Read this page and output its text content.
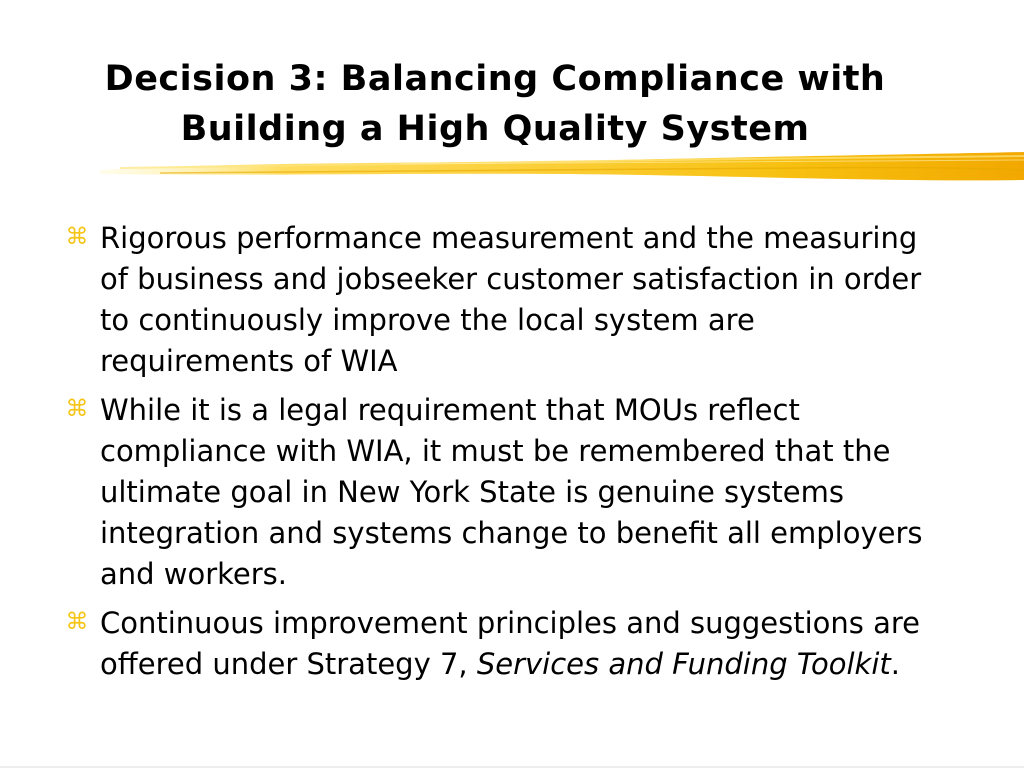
Decision 3: Balancing Compliance with
Building a High Quality System
⌘ Rigorous performance measurement and the measuring
of business and jobseeker customer satisfaction in order
to continuously improve the local system are
requirements of WIA
⌘ While it is a legal requirement that MOUs reflect
compliance with WIA, it must be remembered that the
ultimate goal in New York State is genuine systems
integration and systems change to benefit all employers
and workers.
⌘ Continuous improvement principles and suggestions are
offered under Strategy 7, Services and Funding Toolkit.
